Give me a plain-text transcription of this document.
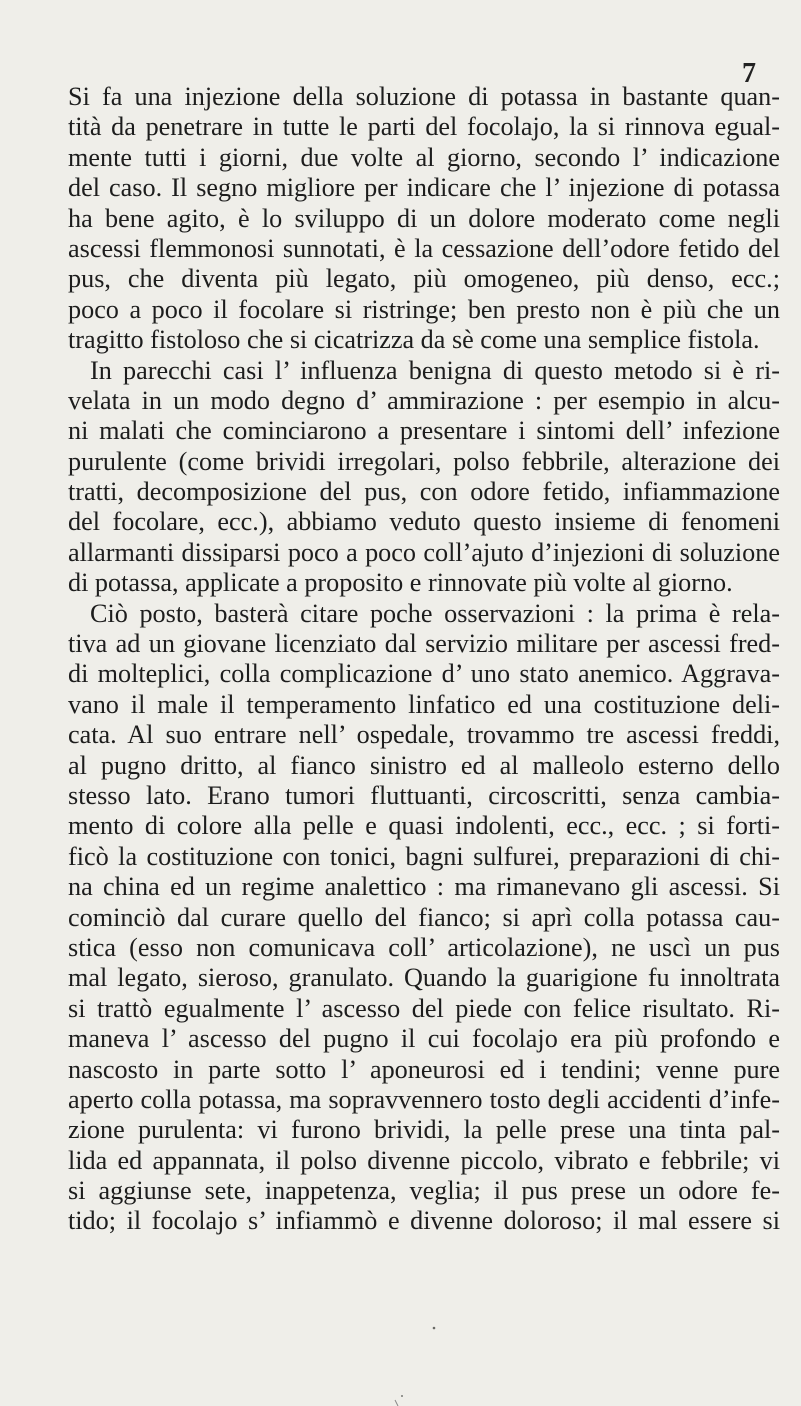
7
Si fa una injezione della soluzione di potassa in bastante quan-
tità da penetrare in tutte le parti del focolajo, la si rinnova egual-
mente tutti i giorni, due volte al giorno, secondo l’ indicazione
del caso. Il segno migliore per indicare che l’ injezione di potassa
ha bene agito, è lo sviluppo di un dolore moderato come negli
ascessi flemmonosi sunnotati, è la cessazione dell’odore fetido del
pus, che diventa più legato, più omogeneo, più denso, ecc.;
poco a poco il focolare si ristringe; ben presto non è più che un
tragitto fistoloso che si cicatrizza da sè come una semplice fistola.
In parecchi casi l’ influenza benigna di questo metodo si è ri-
velata in un modo degno d’ ammirazione : per esempio in alcu-
ni malati che cominciarono a presentare i sintomi dell’ infezione
purulente (come brividi irregolari, polso febbrile, alterazione dei
tratti, decomposizione del pus, con odore fetido, infiammazione
del focolare, ecc.), abbiamo veduto questo insieme di fenomeni
allarmanti dissiparsi poco a poco coll’ajuto d’injezioni di soluzione
di potassa, applicate a proposito e rinnovate più volte al giorno.
Ciò posto, basterà citare poche osservazioni : la prima è rela-
tiva ad un giovane licenziato dal servizio militare per ascessi fred-
di molteplici, colla complicazione d’ uno stato anemico. Aggrava-
vano il male il temperamento linfatico ed una costituzione deli-
cata. Al suo entrare nell’ ospedale, trovammo tre ascessi freddi,
al pugno dritto, al fianco sinistro ed al malleolo esterno dello
stesso lato. Erano tumori fluttuanti, circoscritti, senza cambia-
mento di colore alla pelle e quasi indolenti, ecc., ecc. ; si forti-
ficò la costituzione con tonici, bagni sulfurei, preparazioni di chi-
na china ed un regime analettico : ma rimanevano gli ascessi. Si
cominciò dal curare quello del fianco; si aprì colla potassa cau-
stica (esso non comunicava coll’ articolazione), ne uscì un pus
mal legato, sieroso, granulato. Quando la guarigione fu innoltrata
si trattò egualmente l’ ascesso del piede con felice risultato. Ri-
maneva l’ ascesso del pugno il cui focolajo era più profondo e
nascosto in parte sotto l’ aponeurosi ed i tendini; venne pure
aperto colla potassa, ma sopravvennero tosto degli accidenti d’infe-
zione purulenta: vi furono brividi, la pelle prese una tinta pal-
lida ed appannata, il polso divenne piccolo, vibrato e febbrile; vi
si aggiunse sete, inappetenza, veglia; il pus prese un odore fe-
tido; il focolajo s’ infiammò e divenne doloroso; il mal essere si
